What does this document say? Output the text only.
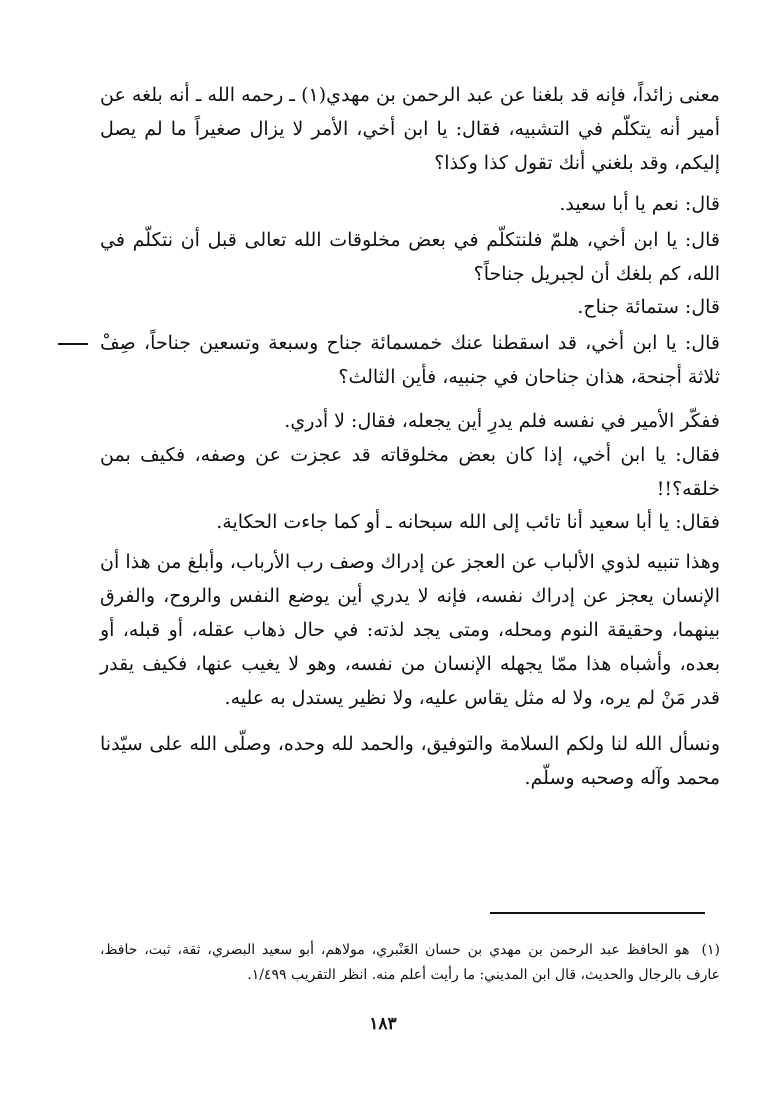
معنى زائداً، فإنه قد بلغنا عن عبد الرحمن بن مهدي(١) ـ رحمه الله ـ أنه بلغه عن أمير أنه يتكلّم في التشبيه، فقال: يا ابن أخي، الأمر لا يزال صغيراً ما لم يصل إليكم، وقد بلغني أنك تقول كذا وكذا؟

قال: نعم يا أبا سعيد.

قال: يا ابن أخي، هلمّ فلنتكلّم في بعض مخلوقات الله تعالى قبل أن نتكلّم في الله، كم بلغك أن لجبريل جناحاً؟

قال: ستمائة جناح.

قال: يا ابن أخي، قد اسقطنا عنك خمسمائة جناح وسبعة وتسعين جناحاً، صِفْ ثلاثة أجنحة، هذان جناحان في جنبيه، فأين الثالث؟

ففكّر الأمير في نفسه فلم يدرِ أين يجعله، فقال: لا أدري.

فقال: يا ابن أخي، إذا كان بعض مخلوقاته قد عجزت عن وصفه، فكيف بمن خلقه؟!!

فقال: يا أبا سعيد أنا تائب إلى الله سبحانه ـ أو كما جاءت الحكاية.

وهذا تنبيه لذوي الألباب عن العجز عن إدراك وصف رب الأرباب، وأبلغ من هذا أن الإنسان يعجز عن إدراك نفسه، فإنه لا يدري أين يوضع النفس والروح، والفرق بينهما، وحقيقة النوم ومحله، ومتى يجد لذته: في حال ذهاب عقله، أو قبله، أو بعده، وأشباه هذا ممّا يجهله الإنسان من نفسه، وهو لا يغيب عنها، فكيف يقدر قدر مَنْ لم يره، ولا له مثل يقاس عليه، ولا نظير يستدل به عليه.

ونسأل الله لنا ولكم السلامة والتوفيق، والحمد لله وحده، وصلّى الله على سيّدنا محمد وآله وصحبه وسلّم.

(١)هو الحافظ عبد الرحمن بن مهدي بن حسان العَنْبري، مولاهم، أبو سعيد البصري، ثقة، ثبت، حافظ، عارف بالرجال والحديث، قال ابن المديني: ما رأيت أعلم منه. انظر التقريب ١/٤٩٩.
١٨٣
